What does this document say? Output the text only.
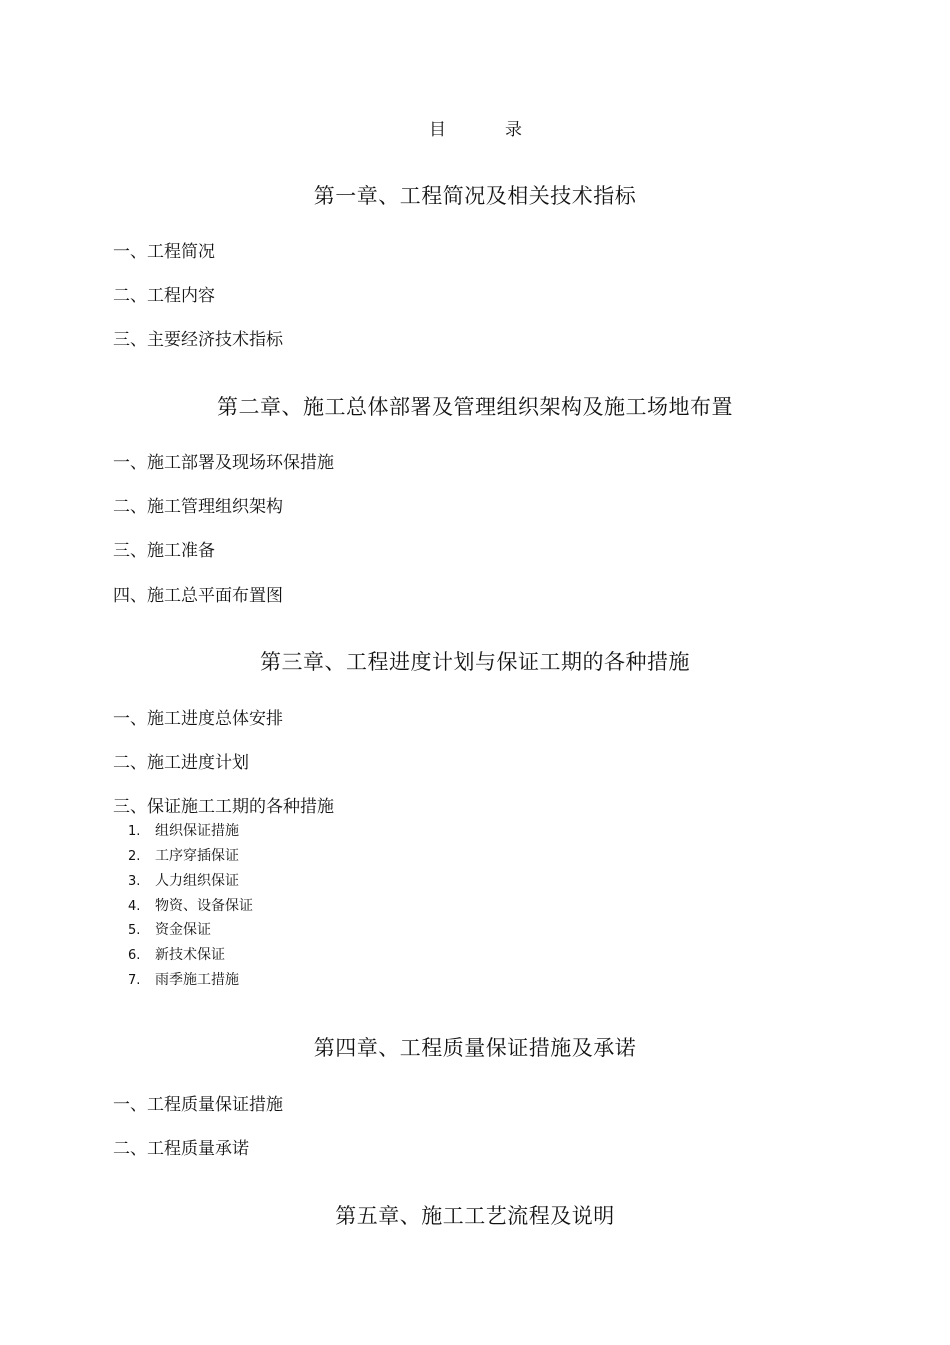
目	录
第一章、工程简况及相关技术指标
一、工程简况
二、工程内容
三、主要经济技术指标
第二章、施工总体部署及管理组织架构及施工场地布置
一、施工部署及现场环保措施
二、施工管理组织架构
三、施工准备
四、施工总平面布置图
第三章、工程进度计划与保证工期的各种措施
一、施工进度总体安排
二、施工进度计划
三、保证施工工期的各种措施
1. 组织保证措施
2. 工序穿插保证
3. 人力组织保证
4. 物资、设备保证
5. 资金保证
6. 新技术保证
7. 雨季施工措施
第四章、工程质量保证措施及承诺
一、工程质量保证措施
二、工程质量承诺
第五章、施工工艺流程及说明
